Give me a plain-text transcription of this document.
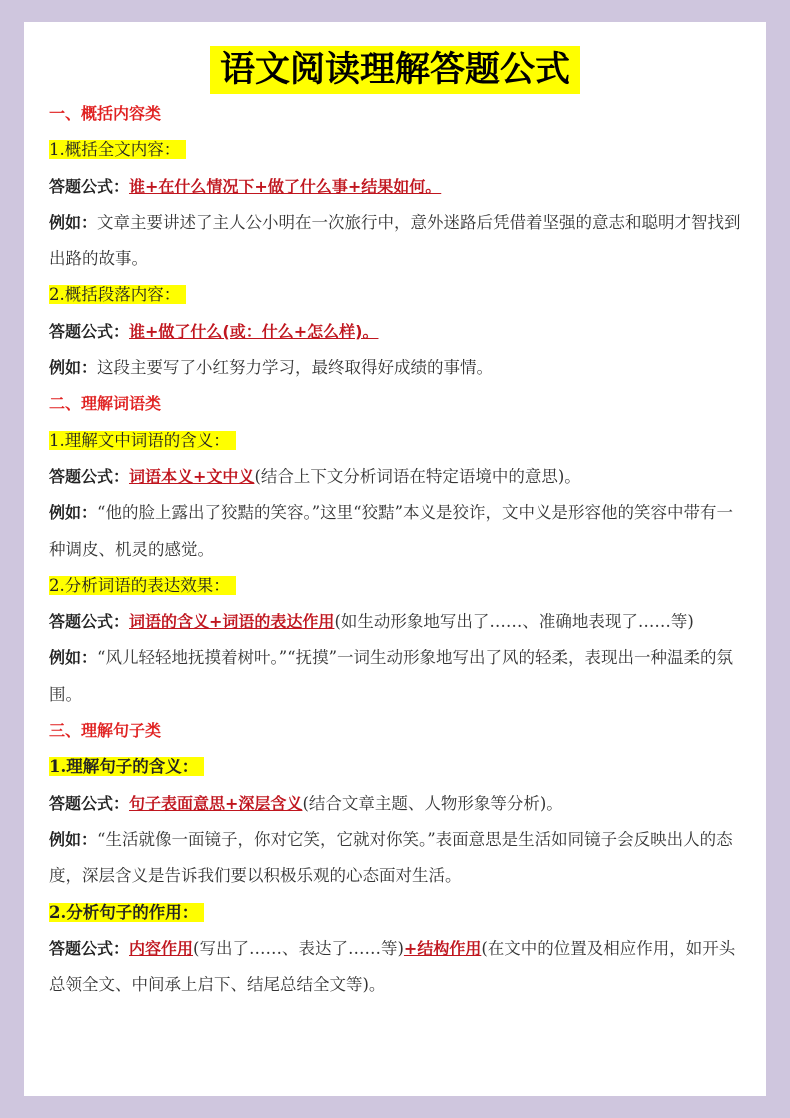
语文阅读理解答题公式
一、概括内容类
1.概括全文内容：
答题公式：谁+在什么情况下+做了什么事+结果如何。
例如：文章主要讲述了主人公小明在一次旅行中，意外迷路后凭借着坚强的意志和聪明才智找到出路的故事。
2.概括段落内容：
答题公式：谁+做了什么(或：什么+怎么样)。
例如：这段主要写了小红努力学习，最终取得好成绩的事情。
二、理解词语类
1.理解文中词语的含义：
答题公式：词语本义+文中义(结合上下文分析词语在特定语境中的意思)。
例如：“他的脸上露出了狡黠的笑容。”这里“狡黠”本义是狡诈，文中义是形容他的笑容中带有一种调皮、机灵的感觉。
2.分析词语的表达效果：
答题公式：词语的含义+词语的表达作用(如生动形象地写出了……、准确地表现了……等)
例如：“风儿轻轻地抚摸着树叶。”“抚摸”一词生动形象地写出了风的轻柔，表现出一种温柔的氛围。
三、理解句子类
1.理解句子的含义：
答题公式：句子表面意思+深层含义(结合文章主题、人物形象等分析)。
例如：“生活就像一面镜子，你对它笑，它就对你笑。”表面意思是生活如同镜子会反映出人的态度，深层含义是告诉我们要以积极乐观的心态面对生活。
2.分析句子的作用：
答题公式：内容作用(写出了……、表达了……等)+结构作用(在文中的位置及相应作用，如开头总领全文、中间承上启下、结尾总结全文等)。
